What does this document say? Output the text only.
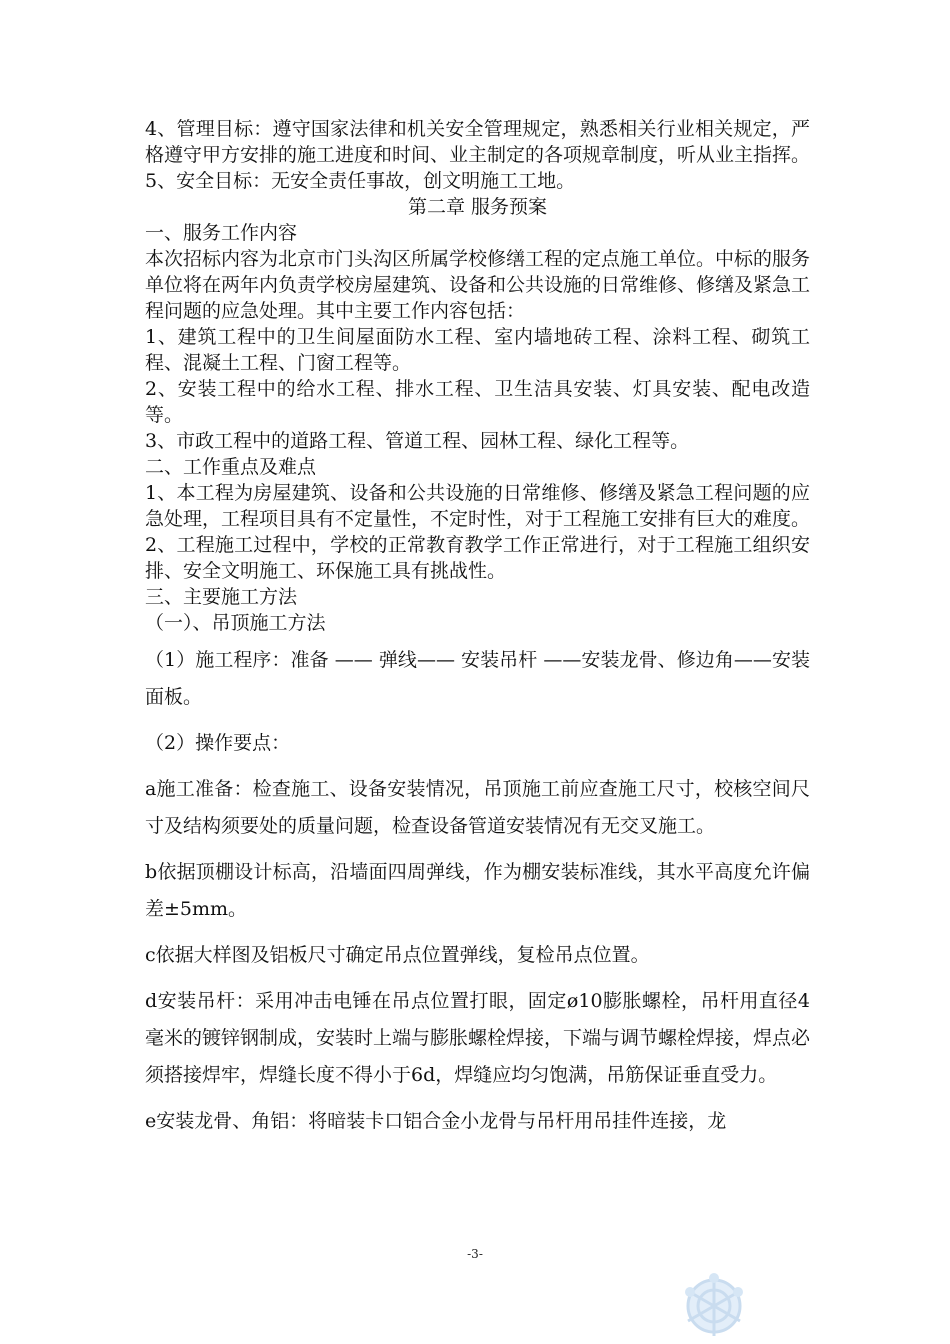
4、管理目标：遵守国家法律和机关安全管理规定，熟悉相关行业相关规定，严格遵守甲方安排的施工进度和时间、业主制定的各项规章制度，听从业主指挥。

5、安全目标：无安全责任事故，创文明施工工地。

第二章 服务预案

一、服务工作内容

本次招标内容为北京市门头沟区所属学校修缮工程的定点施工单位。中标的服务单位将在两年内负责学校房屋建筑、设备和公共设施的日常维修、修缮及紧急工程问题的应急处理。其中主要工作内容包括：

1、建筑工程中的卫生间屋面防水工程、室内墙地砖工程、涂料工程、砌筑工程、混凝土工程、门窗工程等。

2、安装工程中的给水工程、排水工程、卫生洁具安装、灯具安装、配电改造等。

3、市政工程中的道路工程、管道工程、园林工程、绿化工程等。

二、工作重点及难点

1、本工程为房屋建筑、设备和公共设施的日常维修、修缮及紧急工程问题的应急处理，工程项目具有不定量性，不定时性，对于工程施工安排有巨大的难度。

2、工程施工过程中，学校的正常教育教学工作正常进行，对于工程施工组织安排、安全文明施工、环保施工具有挑战性。

三、主要施工方法

（一）、吊顶施工方法

（1）施工程序：准备 —— 弹线—— 安装吊杆 ——安装龙骨、修边角——安装面板。

（2）操作要点：

a施工准备：检查施工、设备安装情况，吊顶施工前应查施工尺寸，校核空间尺寸及结构须要处的质量问题，检查设备管道安装情况有无交叉施工。

b依据顶棚设计标高，沿墙面四周弹线，作为棚安装标准线，其水平高度允许偏差±5mm。

c依据大样图及铝板尺寸确定吊点位置弹线，复检吊点位置。

d安装吊杆：采用冲击电锤在吊点位置打眼，固定ø10膨胀螺栓，吊杆用直径4毫米的镀锌钢制成，安装时上端与膨胀螺栓焊接，下端与调节螺栓焊接，焊点必须搭接焊牢，焊缝长度不得小于6d，焊缝应均匀饱满，吊筋保证垂直受力。

e安装龙骨、角铝：将暗装卡口铝合金小龙骨与吊杆用吊挂件连接，龙

-3-
